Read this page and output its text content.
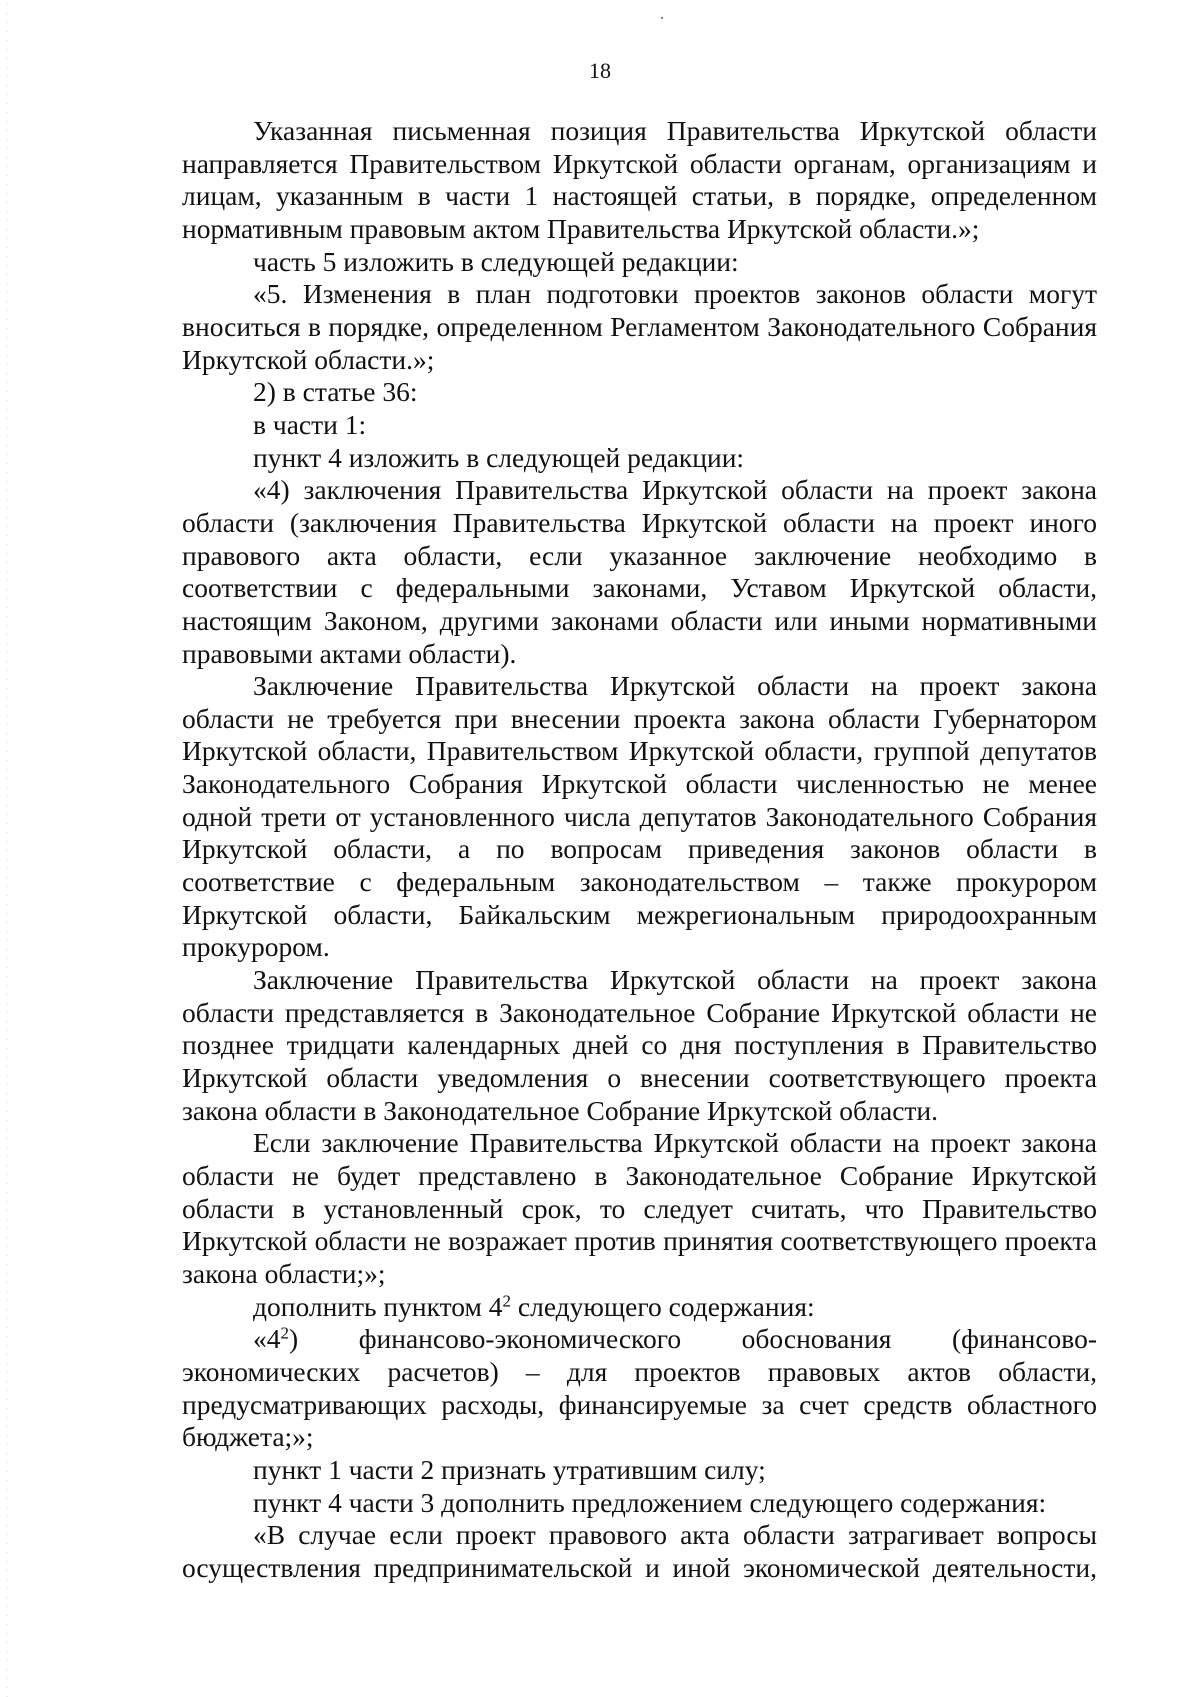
18

Указанная письменная позиция Правительства Иркутской области направляется Правительством Иркутской области органам, организациям и лицам, указанным в части 1 настоящей статьи, в порядке, определенном нормативным правовым актом Правительства Иркутской области.»;

часть 5 изложить в следующей редакции:

«5. Изменения в план подготовки проектов законов области могут вноситься в порядке, определенном Регламентом Законодательного Собрания Иркутской области.»;

2) в статье 36:

в части 1:

пункт 4 изложить в следующей редакции:

«4) заключения Правительства Иркутской области на проект закона области (заключения Правительства Иркутской области на проект иного правового акта области, если указанное заключение необходимо в соответствии с федеральными законами, Уставом Иркутской области, настоящим Законом, другими законами области или иными нормативными правовыми актами области).

Заключение Правительства Иркутской области на проект закона области не требуется при внесении проекта закона области Губернатором Иркутской области, Правительством Иркутской области, группой депутатов Законодательного Собрания Иркутской области численностью не менее одной трети от установленного числа депутатов Законодательного Собрания Иркутской области, а по вопросам приведения законов области в соответствие с федеральным законодательством – также прокурором Иркутской области, Байкальским межрегиональным природоохранным прокурором.

Заключение Правительства Иркутской области на проект закона области представляется в Законодательное Собрание Иркутской области не позднее тридцати календарных дней со дня поступления в Правительство Иркутской области уведомления о внесении соответствующего проекта закона области в Законодательное Собрание Иркутской области.

Если заключение Правительства Иркутской области на проект закона области не будет представлено в Законодательное Собрание Иркутской области в установленный срок, то следует считать, что Правительство Иркутской области не возражает против принятия соответствующего проекта закона области;»;

дополнить пунктом $4^2$ следующего содержания:

«$4^2$) финансово-экономического обоснования (финансово-экономических расчетов) – для проектов правовых актов области, предусматривающих расходы, финансируемые за счет средств областного бюджета;»;

пункт 1 части 2 признать утратившим силу;

пункт 4 части 3 дополнить предложением следующего содержания:

«В случае если проект правового акта области затрагивает вопросы осуществления предпринимательской и иной экономической деятельности,
